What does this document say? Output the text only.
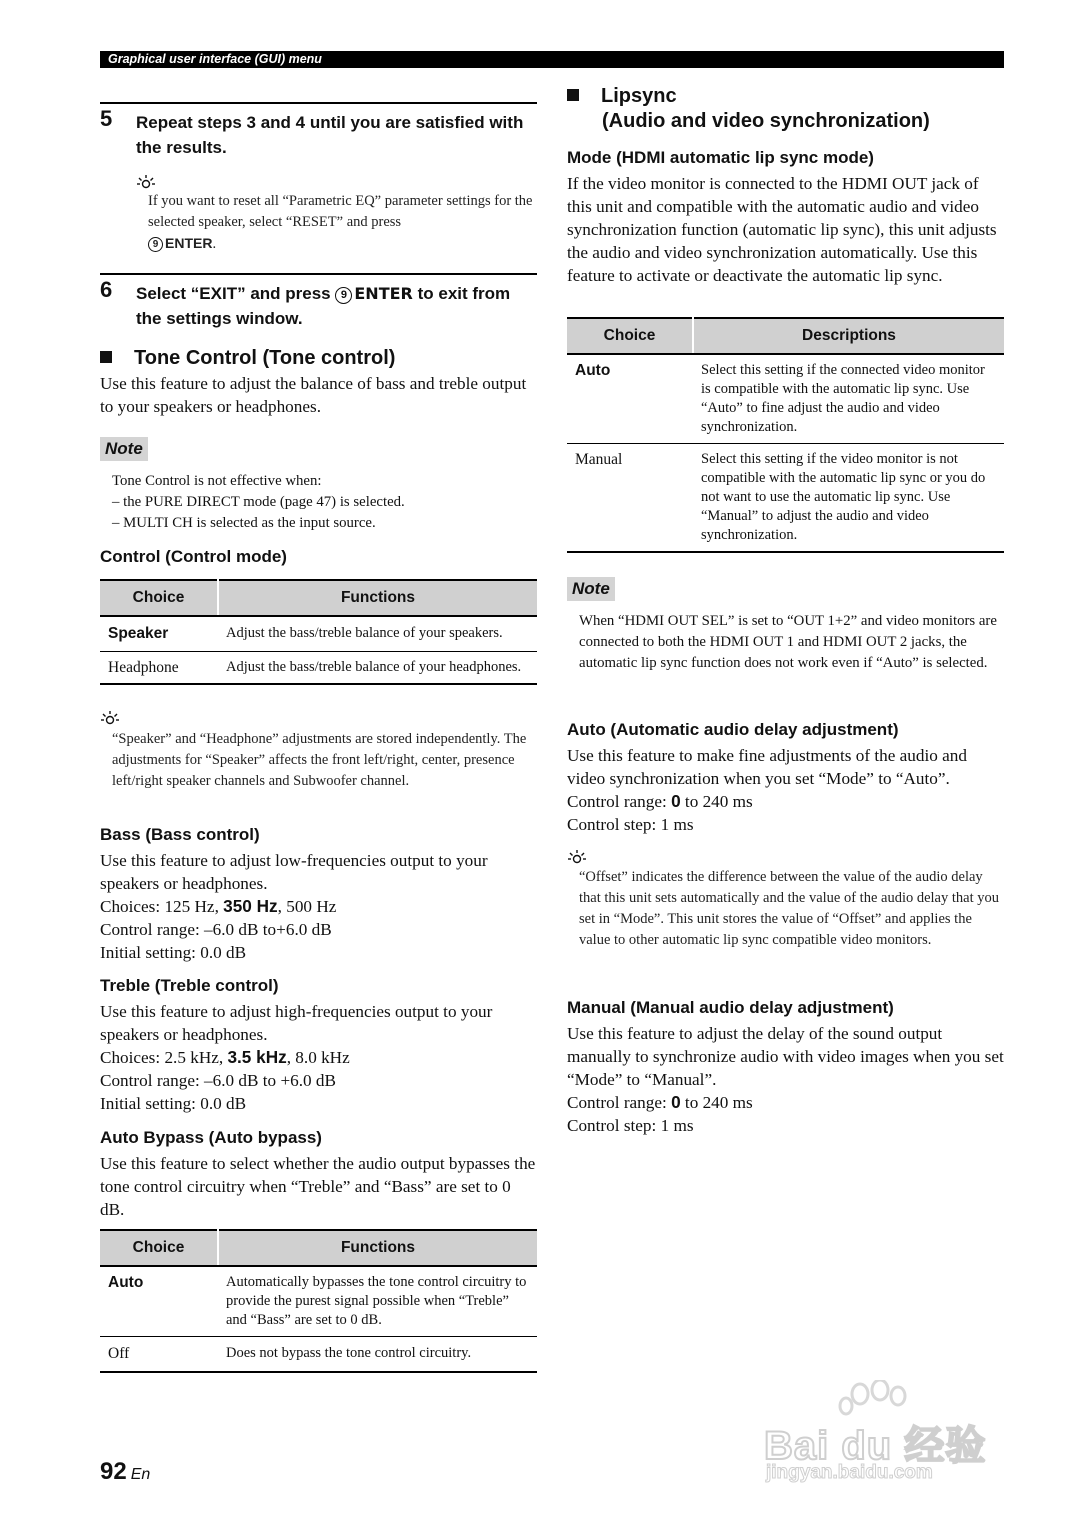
Graphical user interface (GUI) menu
5 Repeat steps 3 and 4 until you are satisfied with the results.
If you want to reset all “Parametric EQ” parameter settings for the selected speaker, select “RESET” and press
9 ENTER.
6 Select “EXIT” and press 9 ENTER to exit from the settings window.
Tone Control (Tone control)
Use this feature to adjust the balance of bass and treble output to your speakers or headphones.
Note
Tone Control is not effective when:
– the PURE DIRECT mode (page 47) is selected.
– MULTI CH is selected as the input source.
Control (Control mode)
Choice	Functions
Speaker	Adjust the bass/treble balance of your speakers.
Headphone	Adjust the bass/treble balance of your headphones.
“Speaker” and “Headphone” adjustments are stored independently. The adjustments for “Speaker” affects the front left/right, center, presence left/right speaker channels and Subwoofer channel.
Bass (Bass control)
Use this feature to adjust low-frequencies output to your speakers or headphones.
Choices: 125 Hz, 350 Hz, 500 Hz
Control range: –6.0 dB to+6.0 dB
Initial setting: 0.0 dB
Treble (Treble control)
Use this feature to adjust high-frequencies output to your speakers or headphones.
Choices: 2.5 kHz, 3.5 kHz, 8.0 kHz
Control range: –6.0 dB to +6.0 dB
Initial setting: 0.0 dB
Auto Bypass (Auto bypass)
Use this feature to select whether the audio output bypasses the tone control circuitry when “Treble” and “Bass” are set to 0 dB.
Choice	Functions
Auto	Automatically bypasses the tone control circuitry to provide the purest signal possible when “Treble” and “Bass” are set to 0 dB.
Off	Does not bypass the tone control circuitry.
Lipsync
(Audio and video synchronization)
Mode (HDMI automatic lip sync mode)
If the video monitor is connected to the HDMI OUT jack of this unit and compatible with the automatic audio and video synchronization function (automatic lip sync), this unit adjusts the audio and video synchronization automatically. Use this feature to activate or deactivate the automatic lip sync.
Choice	Descriptions
Auto	Select this setting if the connected video monitor is compatible with the automatic lip sync. Use “Auto” to fine adjust the audio and video synchronization.
Manual	Select this setting if the video monitor is not compatible with the automatic lip sync or you do not want to use the automatic lip sync. Use “Manual” to adjust the audio and video synchronization.
Note
When “HDMI OUT SEL” is set to “OUT 1+2” and video monitors are connected to both the HDMI OUT 1 and HDMI OUT 2 jacks, the automatic lip sync function does not work even if “Auto” is selected.
Auto (Automatic audio delay adjustment)
Use this feature to make fine adjustments of the audio and video synchronization when you set “Mode” to “Auto”.
Control range: 0 to 240 ms
Control step: 1 ms
“Offset” indicates the difference between the value of the audio delay that this unit sets automatically and the value of the audio delay that you set in “Mode”. This unit stores the value of “Offset” and applies the value to other automatic lip sync compatible video monitors.
Manual (Manual audio delay adjustment)
Use this feature to adjust the delay of the sound output manually to synchronize audio with video images when you set “Mode” to “Manual”.
Control range: 0 to 240 ms
Control step: 1 ms
Bai du 经验
jingyan.baidu.com
92 En
